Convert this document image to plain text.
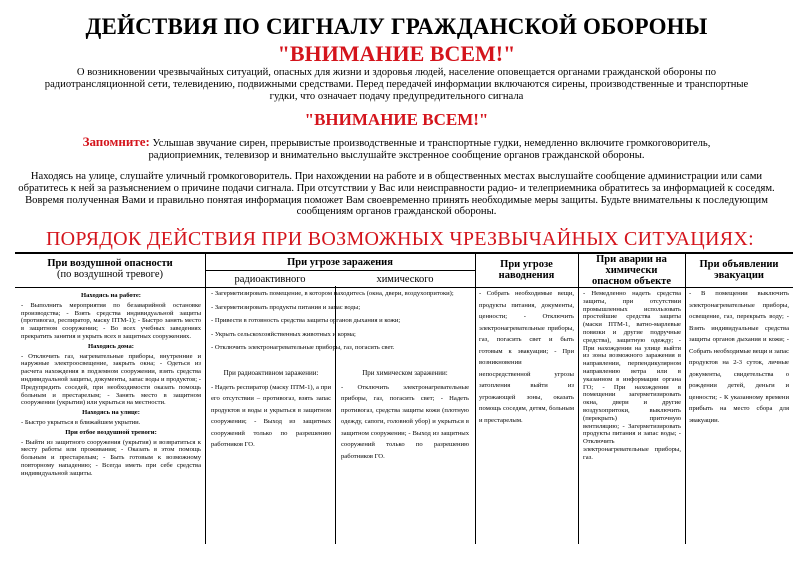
ДЕЙСТВИЯ ПО СИГНАЛУ ГРАЖДАНСКОЙ ОБОРОНЫ
"ВНИМАНИЕ ВСЕМ!"
О возникновении чрезвычайных ситуаций, опасных для жизни и здоровья людей, население оповещается органами гражданской обороны по радиотрансляционной сети, телевидению, подвижными средствами. Перед передачей информации включаются сирены, производственные и транспортные гудки, что означает подачу предупредительного сигнала
"ВНИМАНИЕ ВСЕМ!"
Запомните: Услышав звучание сирен, прерывистые производственные и транспортные гудки, немедленно включите громкоговоритель, радиоприемник, телевизор и внимательно выслушайте экстренное сообщение органов гражданской обороны.
Находясь на улице, слушайте уличный громкоговоритель. При нахождении на работе и в общественных местах выслушайте сообщение администрации или сами обратитесь к ней за разъяснением о причине подачи сигнала. При отсутствии у Вас или неисправности радио- и телеприемника обратитесь за информацией к соседям. Вовремя полученная Вами и правильно понятая информация поможет Вам своевременно принять необходимые меры защиты. Будьте внимательны к последующим сообщениям органов гражданской обороны.
ПОРЯДОК ДЕЙСТВИЯ ПРИ ВОЗМОЖНЫХ ЧРЕЗВЫЧАЙНЫХ СИТУАЦИЯХ:
При воздушной опасности
(по воздушной тревоге)
При угрозе заражения
радиоактивного	химического
При угрозе
наводнения
При аварии на
химически
опасном объекте
При объявлении
эвакуации

Находясь на работе:

- Выполнить мероприятия по безаварийной остановке производства; - Взять средства индивидуальной защиты (противогаз, респиратор, маску ПТМ-1); - Быстро занять место в защитном сооружении; - Во всех учебных заведениях прекратить занятия и укрыть всех в защитных сооружениях.

Находясь дома:

- Отключить газ, нагревательные приборы, внутренние и наружные электроосвещение, закрыть окна; - Одеться из расчета нахождения в подземном сооружении, взять средства индивидуальной защиты, документы, запас воды и продуктов; - Предупредить соседей, при необходимости оказать помощь больным и престарелым; - Занять место в защитном сооружении (укрытии) или укрыться на местности.

Находясь на улице:

- Быстро укрыться в ближайшем укрытии.

При отбое воздушной тревоги:

- Выйти из защитного сооружения (укрытия) и возвратиться к месту работы или проживания; - Оказать в этом помощь больным и престарелым; - Быть готовым к возможному повторному нападению; - Всегда иметь при себе средства индивидуальной защиты.

- Загерметизировать помещение, в котором находитесь (окна, двери, воздухопритоки);

- Загерметизировать продукты питания и запас воды;

- Привести в готовность средства защиты органов дыхания и кожи;

- Укрыть сельскохозяйственных животных и корма;

- Отключить электронагревательные приборы, газ, погасить свет.

При радиоактивном заражении:

- Надеть респиратор (маску ПТМ-1), а при его отсутствии – противогаз, взять запас продуктов и воды и укрыться в защитном сооружении; - Выход из защитных сооружений только по разрешению работников ГО.

При химическом заражении:

- Отключить электронагревательные приборы, газ, погасить свет; - Надеть противогаз, средства защиты кожи (плотную одежду, сапоги, головной убор) и укрыться в защитном сооружении; - Выход из защитных сооружений только по разрешению работников ГО.

- Собрать необходимые вещи, продукты питания, документы, ценности; - Отключить электронагревательные приборы, газ, погасить свет и быть готовым к эвакуации; - При возникновении непосредственной угрозы затопления выйти из угрожающей зоны, оказать помощь соседям, детям, больным и престарелым.
- Немедленно надеть средства защиты, при отсутствии промышленных использовать простейшие средства защиты (маски ПТМ-1, ватно-марлевые повязки и другие подручные средства), защитную одежду; - При нахождении на улице выйти из зоны возможного заражения в направлении, перпендикулярном направлению ветра или в указанном в информации органа ГО; - При нахождении в помещении загерметизировать окна, двери и другие воздухопритоки, выключить (перекрыть) приточную вентиляцию; - Загерметизировать продукты питания и запас воды; - Отключить электронагревательные приборы, газ.
- В помещении выключить электронагревательные приборы, освещение, газ, перекрыть воду; - Взять индивидуальные средства защиты органов дыхания и кожи; - Собрать необходимые вещи и запас продуктов на 2-3 суток, личные документы, свидетельства о рождении детей, деньги и ценности; - К указанному времени прибыть на место сбора для эвакуации.
